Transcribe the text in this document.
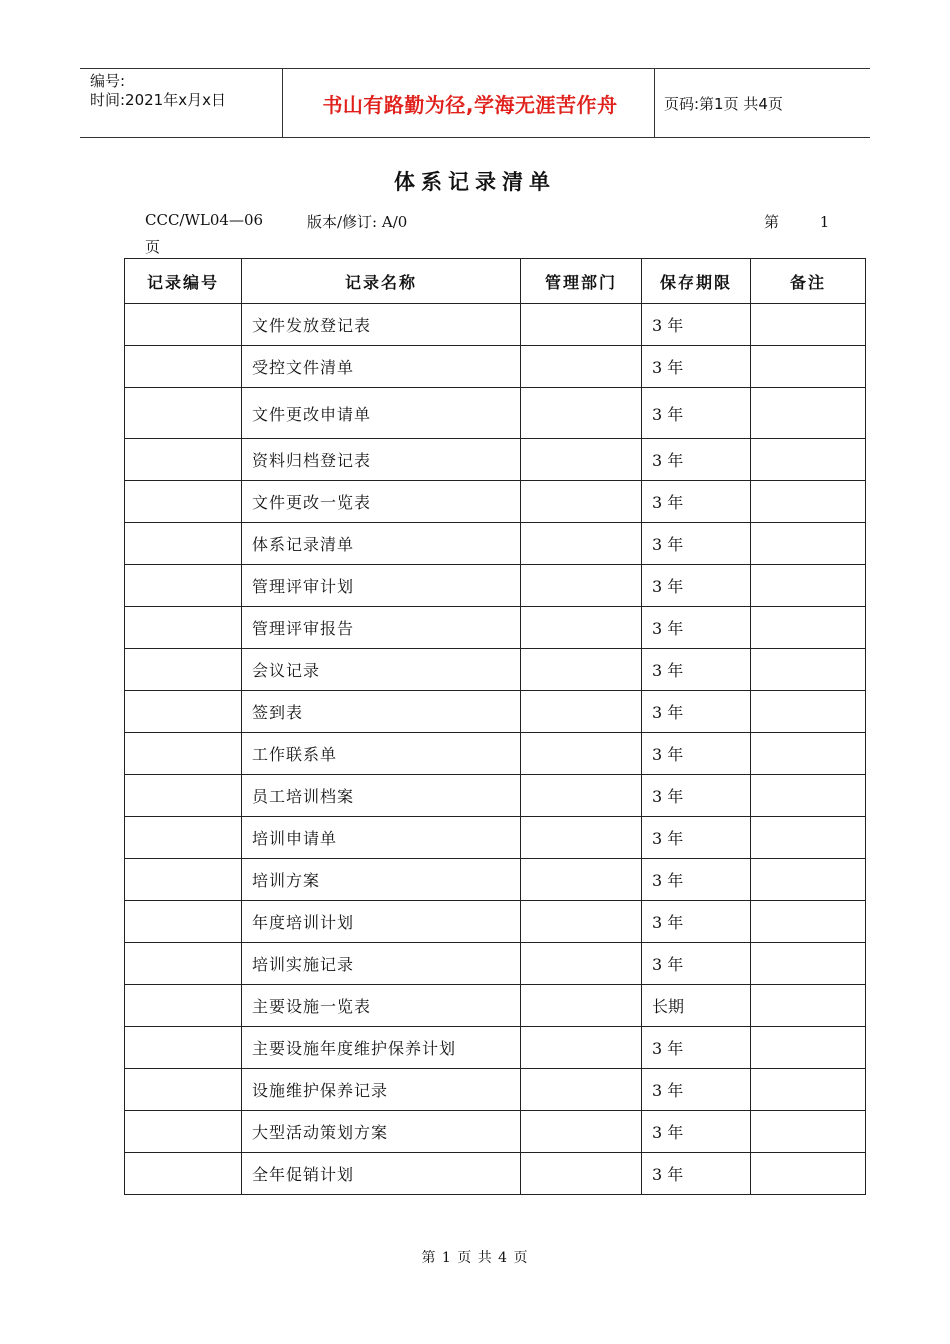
编号:
时间:2021年x月x日	书山有路勤为径,学海无涯苦作舟	页码:第1页 共4页
体系记录清单
CCC/WL04—06	版本/修订: A/0	第 1
页
记录编号	记录名称	管理部门	保存期限	备注
	文件发放登记表		3 年	
	受控文件清单		3 年	
	文件更改申请单		3 年	
	资料归档登记表		3 年	
	文件更改一览表		3 年	
	体系记录清单		3 年	
	管理评审计划		3 年	
	管理评审报告		3 年	
	会议记录		3 年	
	签到表		3 年	
	工作联系单		3 年	
	员工培训档案		3 年	
	培训申请单		3 年	
	培训方案		3 年	
	年度培训计划		3 年	
	培训实施记录		3 年	
	主要设施一览表		长期	
	主要设施年度维护保养计划		3 年	
	设施维护保养记录		3 年	
	大型活动策划方案		3 年	
	全年促销计划		3 年	
第 1 页 共 4 页
